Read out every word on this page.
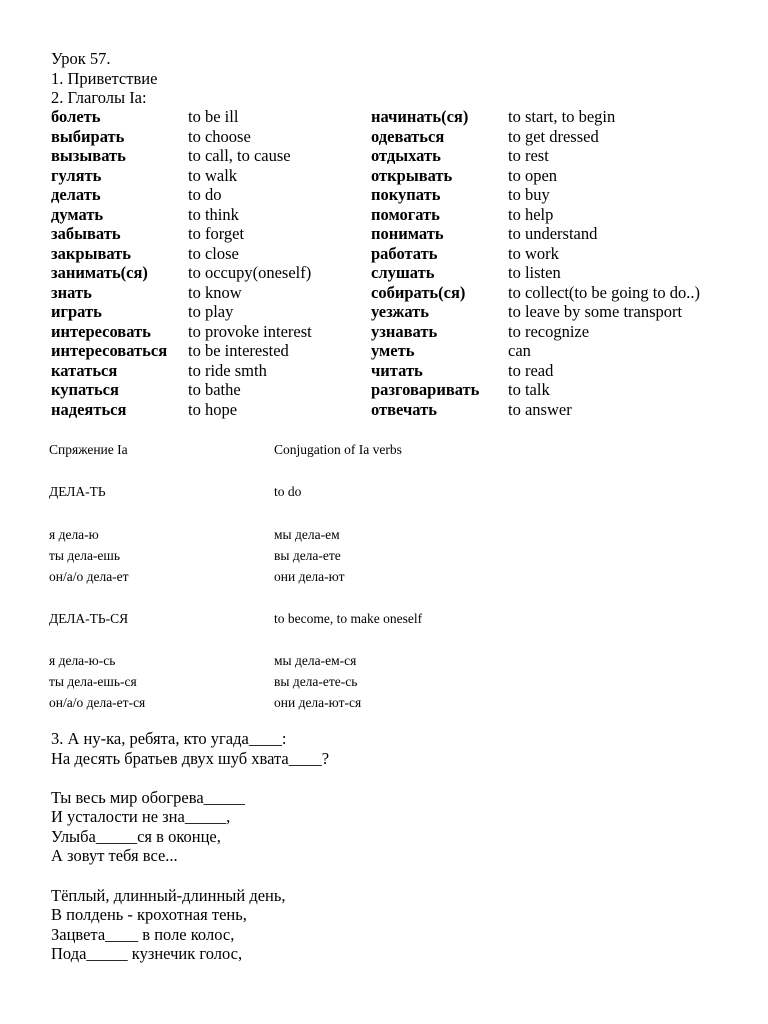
Урок 57.
1. Приветствие
2. Глаголы Ia:
болеть	to be ill	начинать(ся) to start, to begin
выбирать	to choose	одеваться	to get dressed
вызывать	to call, to cause	отдыхать	to rest
гулять	to walk	открывать	to open
делать	to do	покупать	to buy
думать	to think	помогать	to help
забывать	to forget	понимать	to understand
закрывать	to close	работать	to work
занимать(ся) to occupy(oneself)	слушать	to listen
знать	to know	собирать(ся)	to collect(to be going to do..)
играть	to play	уезжать	to leave by some transport
интересовать to provoke interest	узнавать	to recognize
интересоваться to be interested	уметь	can
кататься	to ride smth	читать	to read
купаться	to bathe	разговаривать to talk
надеяться	to hope	отвечать	to answer
Спряжение Ia	Conjugation of Ia verbs
ДЕЛА-ТЬ	to do
я дела-ю	мы дела-ем
ты дела-ешь	вы дела-ете
он/а/о дела-ет	они дела-ют
ДЕЛА-ТЬ-СЯ	to become, to make oneself
я дела-ю-сь	мы дела-ем-ся
ты дела-ешь-ся	вы дела-ете-сь
он/а/о дела-ет-ся	они дела-ют-ся
3. А ну-ка, ребята, кто угада____:
На десять братьев двух шуб хвата____?
Ты весь мир обогрева_____
И усталости не зна_____,
Улыба_____ся в оконце,
А зовут тебя все...
Тёплый, длинный-длинный день,
В полдень - крохотная тень,
Зацвета____ в поле колос,
Пода_____ кузнечик голос,
